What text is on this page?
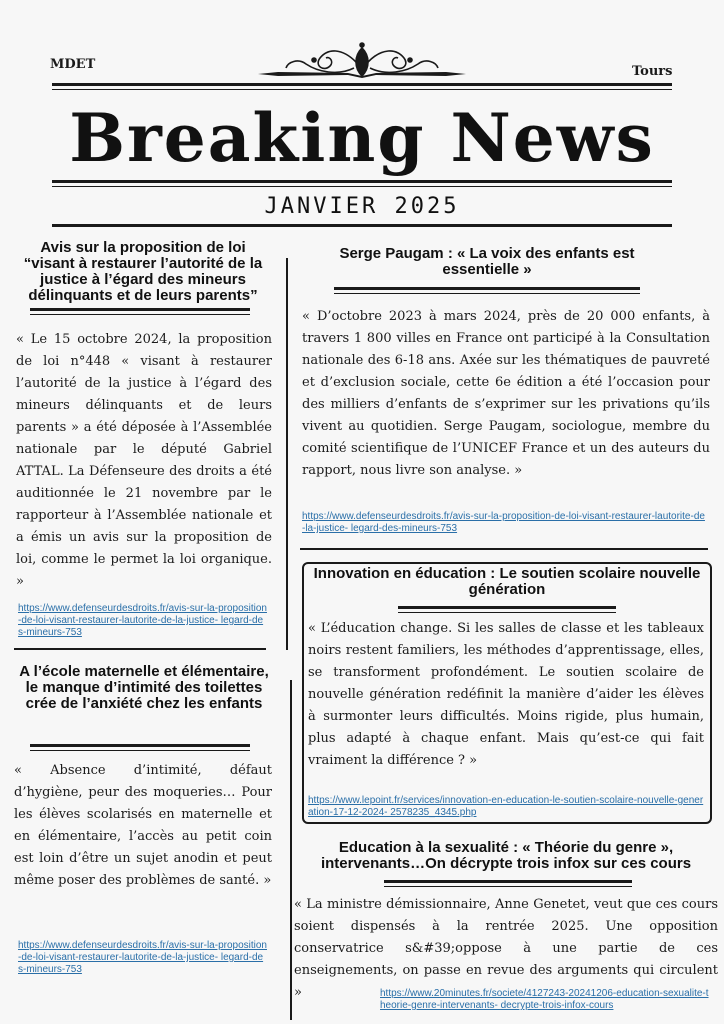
MDET	Tours
Breaking News
JANVIER 2025
Avis sur la proposition de loi “visant à restaurer l’autorité de la justice à l’égard des mineurs délinquants et de leurs parents”
« Le 15 octobre 2024, la proposition de loi n°448 « visant à restaurer l’autorité de la justice à l’égard des mineurs délinquants et de leurs parents » a été déposée à l’Assemblée nationale par le député Gabriel ATTAL. La Défenseure des droits a été auditionnée le 21 novembre par le rapporteur à l’Assemblée nationale et a émis un avis sur la proposition de loi, comme le permet la loi organique. »
https://www.defenseurdesdroits.fr/avis-sur-la-proposition-de-loi-visant-restaurer-lautorite-de-la-justice- legard-des-mineurs-753
A l’école maternelle et élémentaire, le manque d’intimité des toilettes crée de l’anxiété chez les enfants
« Absence d’intimité, défaut d’hygiène, peur des moqueries… Pour les élèves scolarisés en maternelle et en élémentaire, l’accès au petit coin est loin d’être un sujet anodin et peut même poser des problèmes de santé. »
https://www.defenseurdesdroits.fr/avis-sur-la-proposition-de-loi-visant-restaurer-lautorite-de-la-justice- legard-des-mineurs-753
Serge Paugam : « La voix des enfants est essentielle »
« D’octobre 2023 à mars 2024, près de 20 000 enfants, à travers 1 800 villes en France ont participé à la Consultation nationale des 6-18 ans. Axée sur les thématiques de pauvreté et d’exclusion sociale, cette 6e édition a été l’occasion pour des milliers d’enfants de s’exprimer sur les privations qu’ils vivent au quotidien. Serge Paugam, sociologue, membre du comité scientifique de l’UNICEF France et un des auteurs du rapport, nous livre son analyse. »
https://www.defenseurdesdroits.fr/avis-sur-la-proposition-de-loi-visant-restaurer-lautorite-de-la-justice- legard-des-mineurs-753
Innovation en éducation : Le soutien scolaire nouvelle génération
« L’éducation change. Si les salles de classe et les tableaux noirs restent familiers, les méthodes d’apprentissage, elles, se transforment profondément. Le soutien scolaire de nouvelle génération redéfinit la manière d’aider les élèves à surmonter leurs difficultés. Moins rigide, plus humain, plus adapté à chaque enfant. Mais qu’est-ce qui fait vraiment la différence ? »
https://www.lepoint.fr/services/innovation-en-education-le-soutien-scolaire-nouvelle-generation-17-12-2024- 2578235_4345.php
Education à la sexualité : « Théorie du genre », intervenants…On décrypte trois infox sur ces cours
« La ministre démissionnaire, Anne Genetet, veut que ces cours soient dispensés à la rentrée 2025. Une opposition conservatrice s&#39;oppose à une partie de ces enseignements, on passe en revue des arguments qui circulent »	https://www.20minutes.fr/societe/4127243-20241206-education-sexualite-theorie-genre-intervenants- decrypte-trois-infox-cours
